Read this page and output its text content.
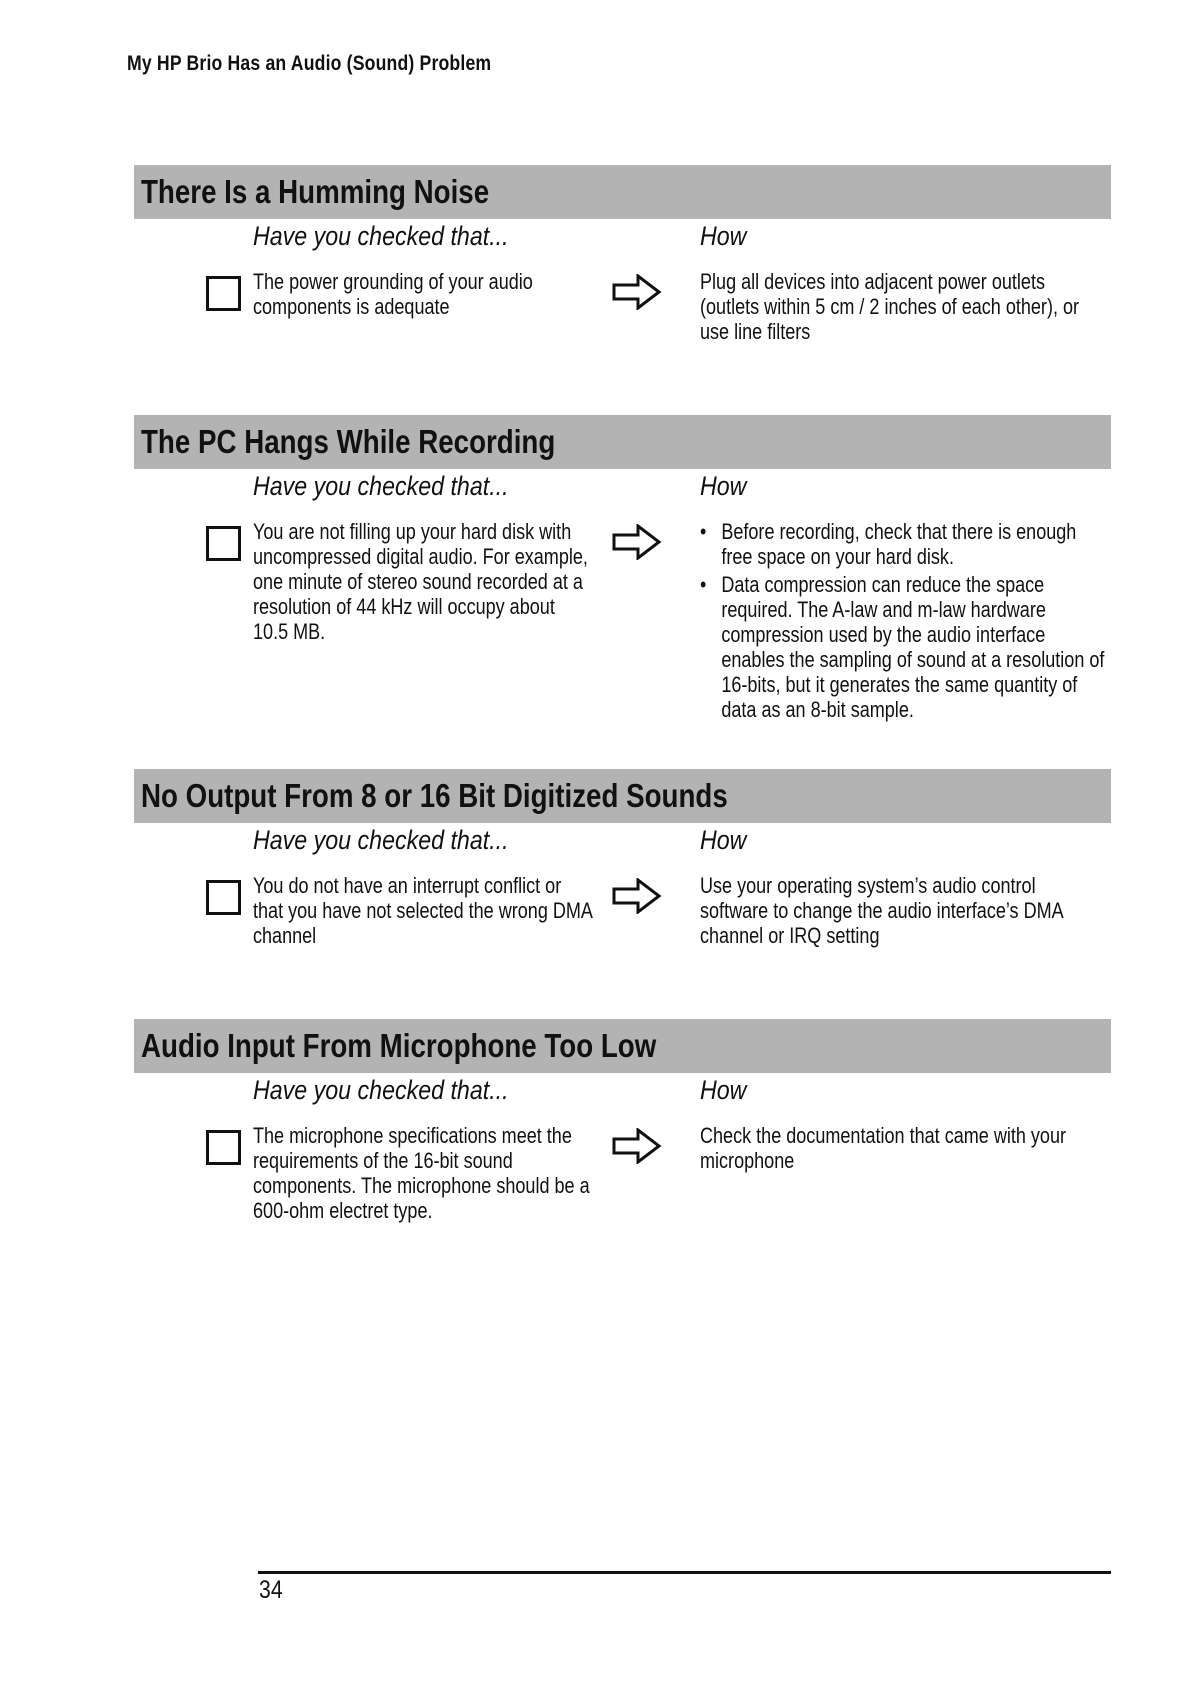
My HP Brio Has an Audio (Sound) Problem
There Is a Humming Noise
Have you checked that...	How
The power grounding of your audio components is adequate
Plug all devices into adjacent power outlets (outlets within 5 cm / 2 inches of each other), or use line filters
The PC Hangs While Recording
Have you checked that...	How
You are not filling up your hard disk with uncompressed digital audio. For example, one minute of stereo sound recorded at a resolution of 44 kHz will occupy about 10.5 MB.
• Before recording, check that there is enough free space on your hard disk.
• Data compression can reduce the space required. The A-law and m-law hardware compression used by the audio interface enables the sampling of sound at a resolution of 16-bits, but it generates the same quantity of data as an 8-bit sample.
No Output From 8 or 16 Bit Digitized Sounds
Have you checked that...	How
You do not have an interrupt conflict or that you have not selected the wrong DMA channel
Use your operating system’s audio control software to change the audio interface’s DMA channel or IRQ setting
Audio Input From Microphone Too Low
Have you checked that...	How
The microphone specifications meet the requirements of the 16-bit sound components. The microphone should be a 600-ohm electret type.
Check the documentation that came with your microphone
34
